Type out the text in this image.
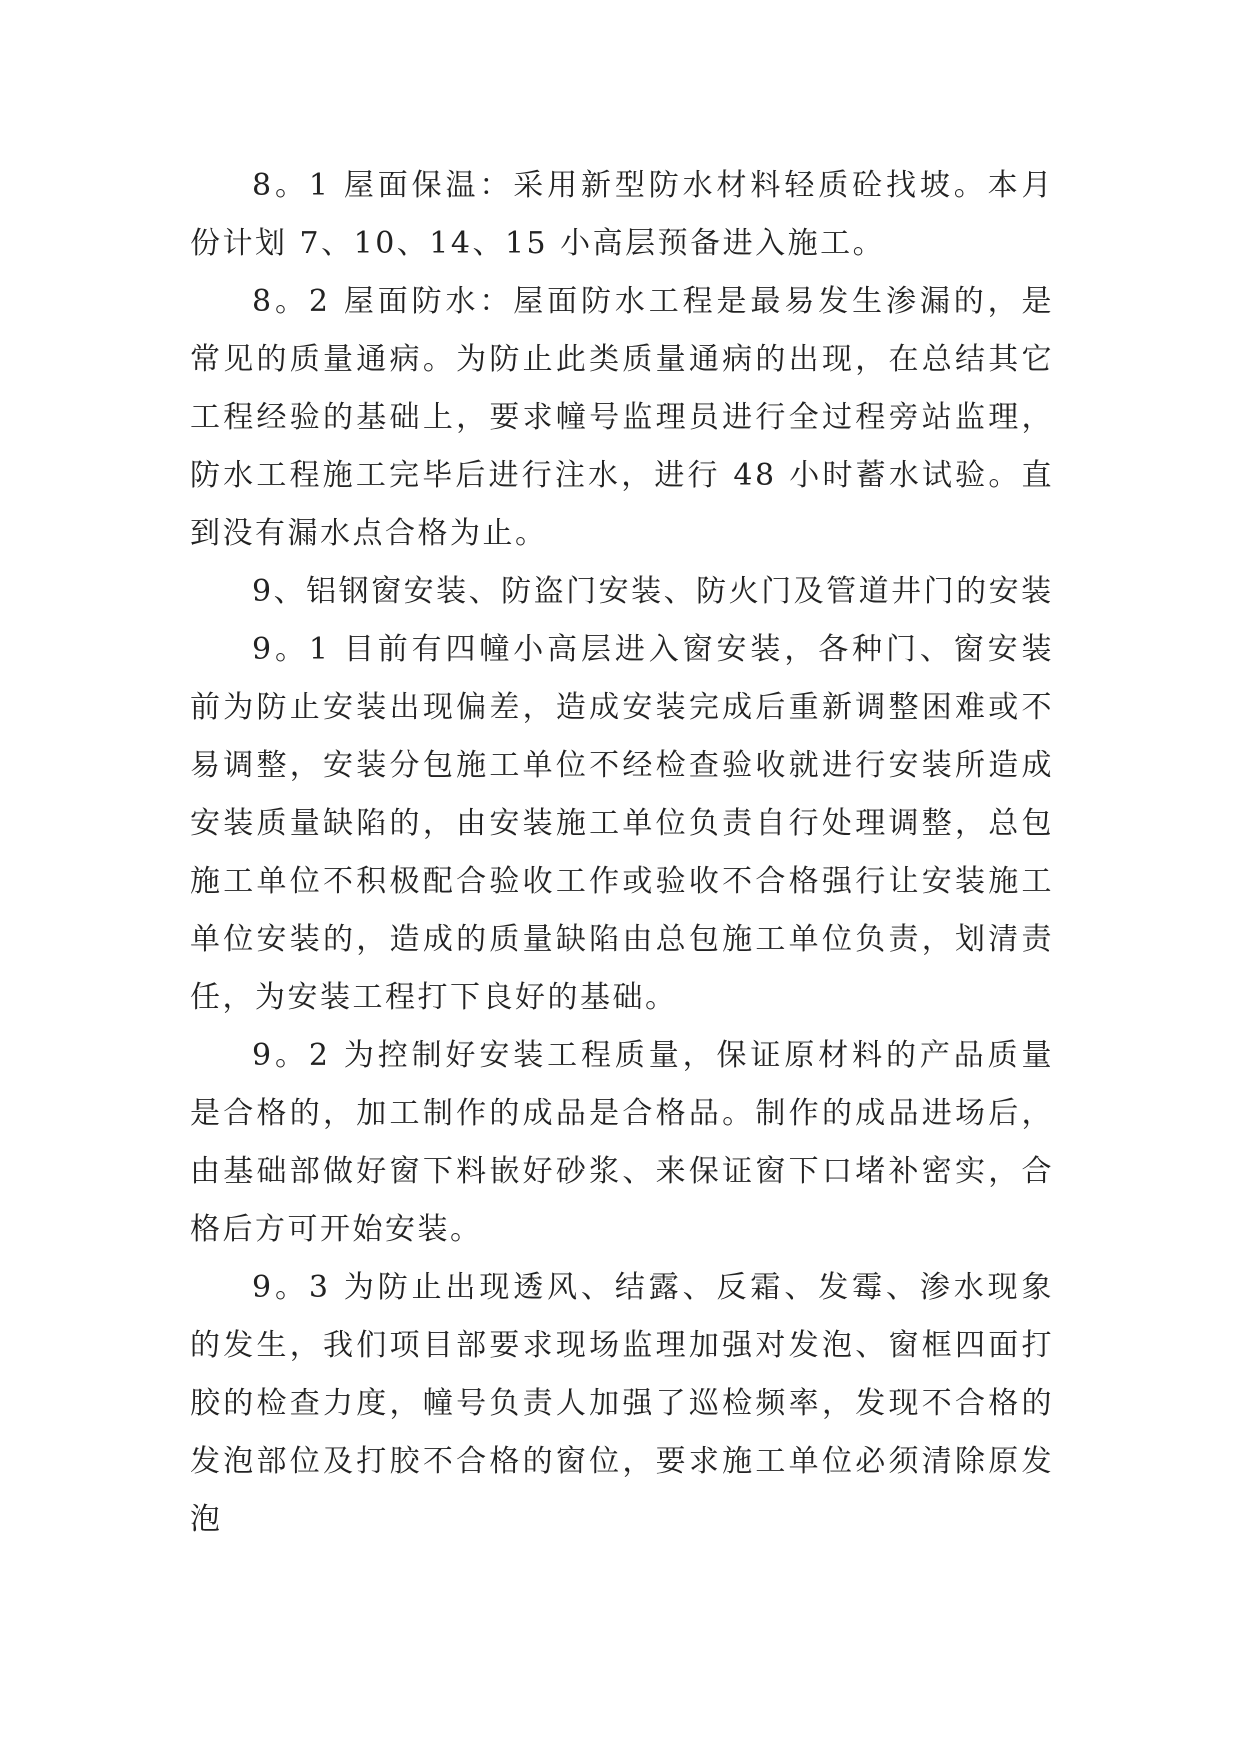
8。1 屋面保温：采用新型防水材料轻质砼找坡。本月份计划 7、10、14、15 小高层预备进入施工。

8。2 屋面防水：屋面防水工程是最易发生渗漏的，是常见的质量通病。为防止此类质量通病的出现，在总结其它工程经验的基础上，要求幢号监理员进行全过程旁站监理，防水工程施工完毕后进行注水，进行 48 小时蓄水试验。直到没有漏水点合格为止。

9、铝钢窗安装、防盗门安装、防火门及管道井门的安装

9。1 目前有四幢小高层进入窗安装，各种门、窗安装前为防止安装出现偏差，造成安装完成后重新调整困难或不易调整，安装分包施工单位不经检查验收就进行安装所造成安装质量缺陷的，由安装施工单位负责自行处理调整，总包施工单位不积极配合验收工作或验收不合格强行让安装施工单位安装的，造成的质量缺陷由总包施工单位负责，划清责任，为安装工程打下良好的基础。

9。2 为控制好安装工程质量，保证原材料的产品质量是合格的，加工制作的成品是合格品。制作的成品进场后，由基础部做好窗下料嵌好砂浆、来保证窗下口堵补密实，合格后方可开始安装。

9。3 为防止出现透风、结露、反霜、发霉、渗水现象的发生，我们项目部要求现场监理加强对发泡、窗框四面打胶的检查力度，幢号负责人加强了巡检频率，发现不合格的发泡部位及打胶不合格的窗位，要求施工单位必须清除原发泡
